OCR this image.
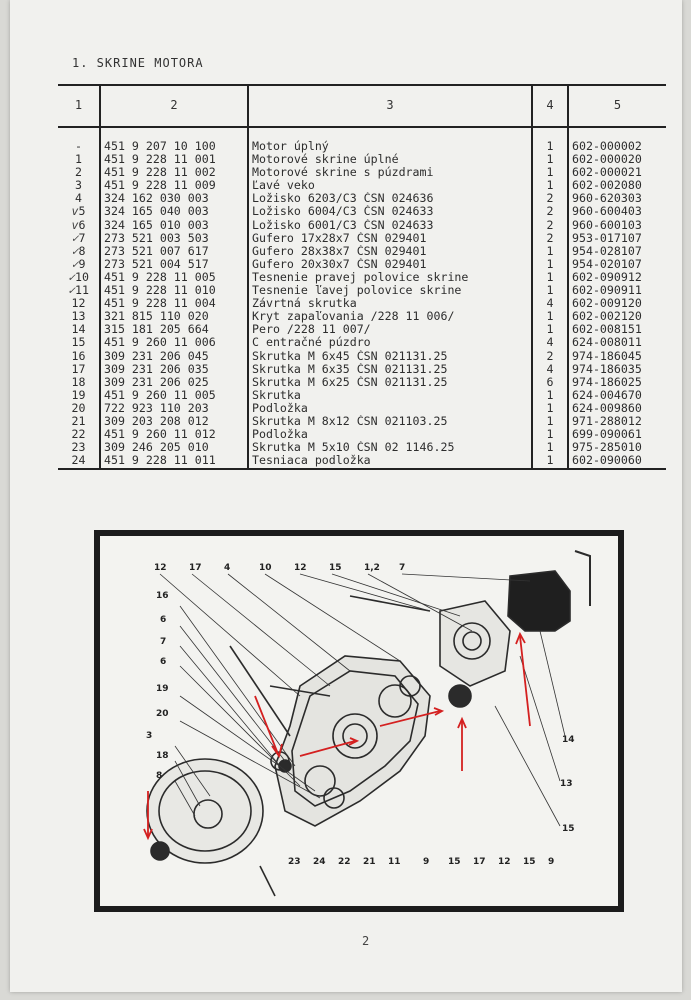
1. SKRINE MOTORA
1	2	3	4	5
-	451 9 207 10 100	Motor úplný	1	602-000002
1	451 9 228 11 001	Motorové skrine úplné	1	602-000020
2	451 9 228 11 002	Motorové skrine s púzdrami	1	602-000021
3	451 9 228 11 009	Ľavé veko	1	602-002080
4	324 162 030 003	Ložisko 6203/C3 ČSN 024636	2	960-620303
v5	324 165 040 003	Ložisko 6004/C3 ČSN 024633	2	960-600403
v6	324 165 010 003	Ložisko 6001/C3 ČSN 024633	2	960-600103
✓7	273 521 003 503	Gufero 17x28x7 ČSN 029401	2	953-017107
✓8	273 521 007 617	Gufero 28x38x7 ČSN 029401	1	954-028107
✓9	273 521 004 517	Gufero 20x30x7 ČSN 029401	1	954-020107
✓10	451 9 228 11 005	Tesnenie pravej polovice skrine	1	602-090912
✓11	451 9 228 11 010	Tesnenie ľavej polovice skrine	1	602-090911
12	451 9 228 11 004	Závrtná skrutka	4	602-009120
13	321 815 110 020	Kryt zapaľovania /228 11 006/	1	602-002120
14	315 181 205 664	Pero /228 11 007/	1	602-008151
15	451 9 260 11 006	C entračné púzdro	4	624-008011
16	309 231 206 045	Skrutka M 6x45 ČSN 021131.25	2	974-186045
17	309 231 206 035	Skrutka M 6x35 ČSN 021131.25	4	974-186035
18	309 231 206 025	Skrutka M 6x25 ČSN 021131.25	6	974-186025
19	451 9 260 11 005	Skrutka	1	624-004670
20	722 923 110 203	Podložka	1	624-009860
21	309 203 208 012	Skrutka M 8x12 ČSN 021103.25	1	971-288012
22	451 9 260 11 012	Podložka	1	699-090061
23	309 246 205 010	Skrutka M 5x10 ČSN 02 1146.25	1	975-285010
24	451 9 228 11 011	Tesniaca podložka	1	602-090060
12 17 4	10 12 15 1,2 7
16
6
7
6
19
20
3
18
8
14
13
15
23 24 22 21 11 9 15 17 12 15 9
2
